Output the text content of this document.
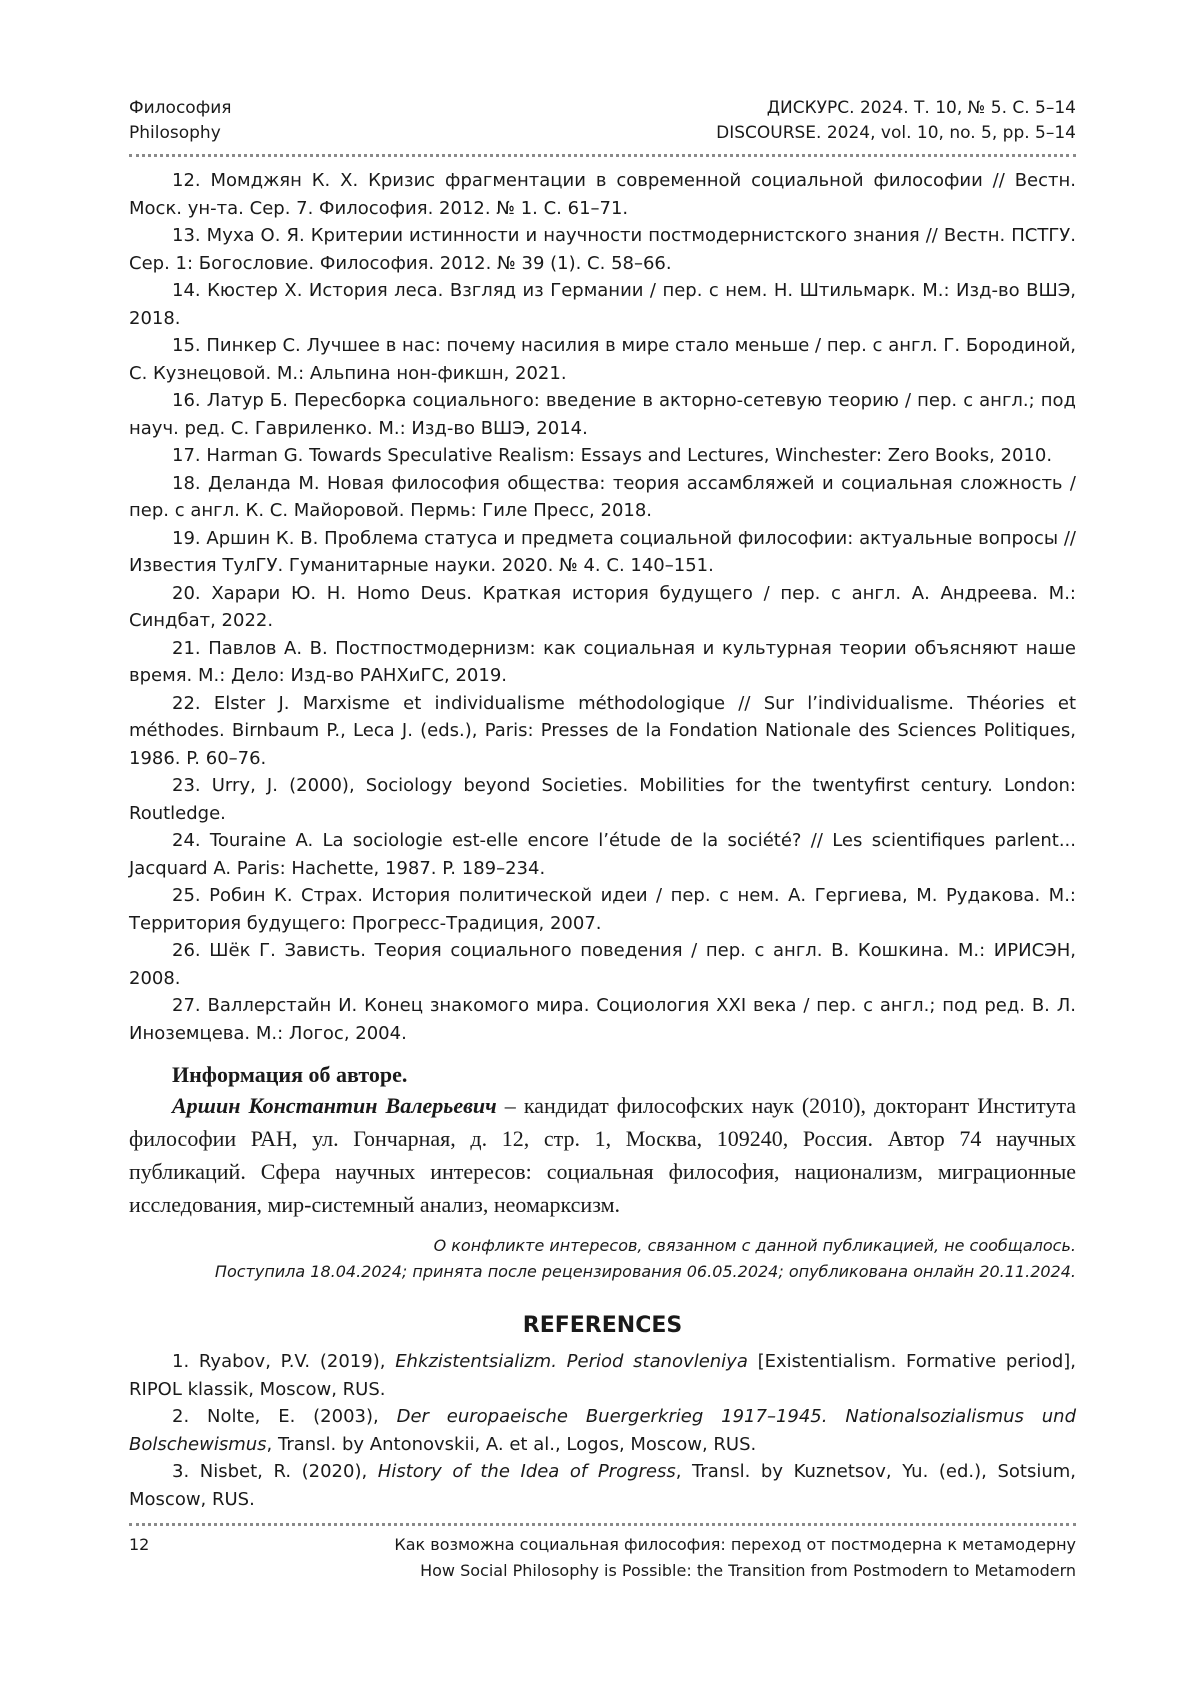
Философия
Philosophy
ДИСКУРС. 2024. Т. 10, № 5. С. 5–14
DISCOURSE. 2024, vol. 10, no. 5, pp. 5–14

12. Момджян К. Х. Кризис фрагментации в современной социальной философии // Вестн. Моск. ун-та. Сер. 7. Философия. 2012. № 1. С. 61–71.

13. Муха О. Я. Критерии истинности и научности постмодернистского знания // Вестн. ПСТГУ. Сер. 1: Богословие. Философия. 2012. № 39 (1). С. 58–66.

14. Кюстер Х. История леса. Взгляд из Германии / пер. с нем. Н. Штильмарк. М.: Изд-во ВШЭ, 2018.

15. Пинкер С. Лучшее в нас: почему насилия в мире стало меньше / пер. с англ. Г. Бородиной, С. Кузнецовой. М.: Альпина нон-фикшн, 2021.

16. Латур Б. Пересборка социального: введение в акторно-сетевую теорию / пер. с англ.; под науч. ред. С. Гавриленко. М.: Изд-во ВШЭ, 2014.

17. Harman G. Towards Speculative Realism: Essays and Lectures, Winchester: Zero Books, 2010.

18. Деланда М. Новая философия общества: теория ассамбляжей и социальная сложность / пер. с англ. К. С. Майоровой. Пермь: Гиле Пресс, 2018.

19. Аршин К. В. Проблема статуса и предмета социальной философии: актуальные вопросы // Известия ТулГУ. Гуманитарные науки. 2020. № 4. С. 140–151.

20. Харари Ю. Н. Homo Deus. Краткая история будущего / пер. с англ. А. Андреева. М.: Синдбат, 2022.

21. Павлов А. В. Постпостмодернизм: как социальная и культурная теории объясняют наше время. М.: Дело: Изд-во РАНХиГС, 2019.

22. Elster J. Marxisme et individualisme méthodologique // Sur l’individualisme. Théories et méthodes. Birnbaum P., Leca J. (eds.), Paris: Presses de la Fondation Nationale des Sciences Politiques, 1986. P. 60–76.

23. Urry, J. (2000), Sociology beyond Societies. Mobilities for the twentyfirst century. London: Routledge.

24. Touraine A. La sociologie est-elle encore l’étude de la société? // Les scientifiques parlent... Jacquard A. Paris: Hachette, 1987. P. 189–234.

25. Робин К. Страх. История политической идеи / пер. с нем. А. Гергиева, М. Рудакова. М.: Территория будущего: Прогресс-Традиция, 2007.

26. Шёк Г. Зависть. Теория социального поведения / пер. с англ. В. Кошкина. М.: ИРИСЭН, 2008.

27. Валлерстайн И. Конец знакомого мира. Социология XXI века / пер. с англ.; под ред. В. Л. Иноземцева. М.: Логос, 2004.

Информация об авторе.

Аршин Константин Валерьевич – кандидат философских наук (2010), докторант Института философии РАН, ул. Гончарная, д. 12, стр. 1, Москва, 109240, Россия. Автор 74 научных публикаций. Сфера научных интересов: социальная философия, национализм, миграционные исследования, мир-системный анализ, неомарксизм.

О конфликте интересов, связанном с данной публикацией, не сообщалось.
Поступила 18.04.2024; принята после рецензирования 06.05.2024; опубликована онлайн 20.11.2024.
REFERENCES

1. Ryabov, P.V. (2019), Ehkzistentsializm. Period stanovleniya [Existentialism. Formative period], RIPOL klassik, Moscow, RUS.

2. Nolte, E. (2003), Der europaeische Buergerkrieg 1917–1945. Nationalsozialismus und Bolschewismus, Transl. by Antonovskii, A. et al., Logos, Moscow, RUS.

3. Nisbet, R. (2020), History of the Idea of Progress, Transl. by Kuznetsov, Yu. (ed.), Sotsium, Moscow, RUS.

12	Как возможна социальная философия: переход от постмодерна к метамодерну
How Social Philosophy is Possible: the Transition from Postmodern to Metamodern
